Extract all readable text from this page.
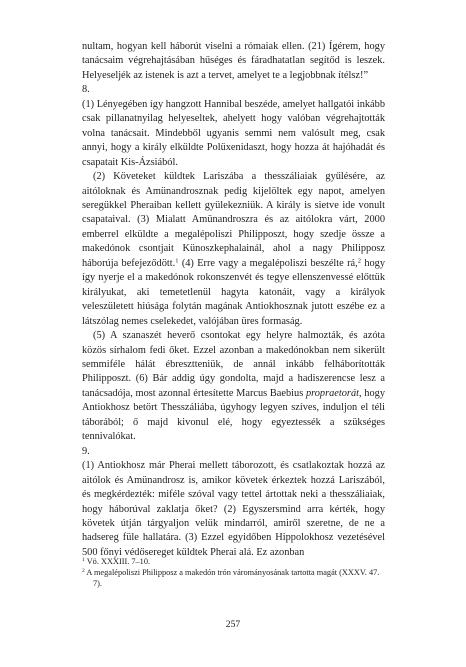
nultam, hogyan kell háborút viselni a rómaiak ellen. (21) Ígérem, hogy tanácsaim végrehajtásában hűséges és fáradhatatlan segítőd is leszek. Helyeseljék az istenek is azt a tervet, amelyet te a legjobbnak ítélsz!”

8.

(1) Lényegében így hangzott Hannibal beszéde, amelyet hallgatói inkább csak pillanatnyilag helyeseltek, ahelyett hogy valóban végrehajtották volna tanácsait. Mindebből ugyanis semmi nem valósult meg, csak annyi, hogy a király elküldte Polüxenidaszt, hogy hozza át hajóhadát és csapatait Kis-Ázsiából.

(2) Követeket küldtek Lariszába a thesszáliaiak gyűlésére, az aitóloknak és Amünandrosznak pedig kijelöltek egy napot, amelyen seregükkel Pheraiban kellett gyülekezniük. A király is sietve ide vonult csapataival. (3) Mialatt Amünandroszra és az aitólokra várt, 2000 emberrel elküldte a megalépoliszi Philipposzt, hogy szedje össze a makedónok csontjait Künoszkephalainál, ahol a nagy Philipposz háborúja befejeződött.$^1$ (4) Erre vagy a megalépoliszi beszélte rá,$^2$ hogy így nyerje el a makedónok rokonszenvét és tegye ellenszenvessé előttük királyukat, aki temetetlenül hagyta katonáit, vagy a királyok veleszületett hiúsága folytán magának Antiokhosznak jutott eszébe ez a látszólag nemes cselekedet, valójában üres formaság.

(5) A szanaszét heverő csontokat egy helyre halmozták, és azóta közös sírhalom fedi őket. Ezzel azonban a makedónokban nem sikerült semmiféle hálát ébresztteniük, de annál inkább felháborították Philipposzt. (6) Bár addig úgy gondolta, majd a hadiszerencse lesz a tanácsadója, most azonnal értesítette Marcus Baebius propraetorát, hogy Antiokhosz betört Thesszáliába, úgyhogy legyen szíves, induljon el téli táborából; ő majd kivonul elé, hogy egyeztessék a szükséges tennivalókat.

9.

(1) Antiokhosz már Pherai mellett táborozott, és csatlakoztak hozzá az aitólok és Amünandrosz is, amikor követek érkeztek hozzá Lariszából, és megkérdezték: miféle szóval vagy tettel ártottak neki a thesszáliaiak, hogy háborúval zaklatja őket? (2) Egyszersmind arra kérték, hogy követek útján tárgyaljon velük mindarról, amiről szeretne, de ne a hadsereg füle hallatára. (3) Ezzel egyidőben Hippolokhosz vezetésével 500 főnyi védősereget küldtek Pherai alá. Ez azonban

$^1$ Vö. XXXIII. 7–10.

$^2$ A megalépoliszi Philipposz a makedón trón várományosának tartotta magát (XXXV. 47. 7).

257
